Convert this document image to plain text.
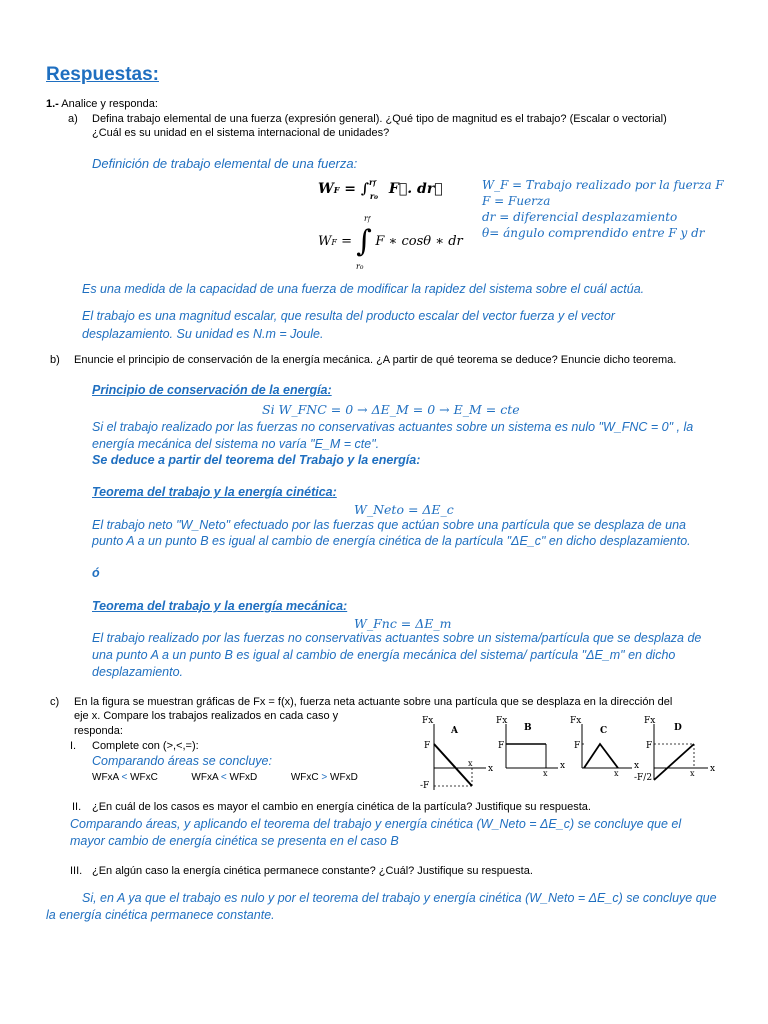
Respuestas:
1.- Analice y responda:
a) Defina trabajo elemental de una fuerza (expresión general). ¿Qué tipo de magnitud es el trabajo? (Escalar o vectorial)
¿Cuál es su unidad en el sistema internacional de unidades?
Definición de trabajo elemental de una fuerza:
WF = ∫$^{rf}_{ro}$ F⃗. dr⃗
WF = ∫ F ∗ cosθ ∗ dr
rf
ro
W_F = Trabajo realizado por la fuerza F
F = Fuerza
dr = diferencial desplazamiento
θ= ángulo comprendido entre F y dr
Es una medida de la capacidad de una fuerza de modificar la rapidez del sistema sobre el cuál actúa.
El trabajo es una magnitud escalar, que resulta del producto escalar del vector fuerza y el vector
desplazamiento. Su unidad es N.m = Joule.
b) Enuncie el principio de conservación de la energía mecánica. ¿A partir de qué teorema se deduce? Enuncie dicho teorema.
Principio de conservación de la energía:
Si W_FNC = 0 → ΔE_M = 0 → E_M = cte
Si el trabajo realizado por las fuerzas no conservativas actuantes sobre un sistema es nulo "W_FNC = 0" , la
energía mecánica del sistema no varía "E_M = cte".
Se deduce a partir del teorema del Trabajo y la energía:
Teorema del trabajo y la energía cinética:
W_Neto = ΔE_c
El trabajo neto "W_Neto" efectuado por las fuerzas que actúan sobre una partícula que se desplaza de una
punto A a un punto B es igual al cambio de energía cinética de la partícula "ΔE_c" en dicho desplazamiento.
ó
Teorema del trabajo y la energía mecánica:
W_Fnc = ΔE_m
El trabajo realizado por las fuerzas no conservativas actuantes sobre un sistema/partícula que se desplaza de
una punto A a un punto B es igual al cambio de energía mecánica del sistema/ partícula "ΔE_m" en dicho
desplazamiento.
c) En la figura se muestran gráficas de Fx = f(x), fuerza neta actuante sobre una partícula que se desplaza en la dirección del
eje x. Compare los trabajos realizados en cada caso y
responda:
I. Complete con (>,<,=):
Comparando áreas se concluye:
WFxA < WFxC	WFxA < WFxD	WFxC > WFxD
Fx
A
x
F
-F
x
Fx
B
x
F
x
Fx
C
x
F
x
Fx
D
x
F
-F/2	x
II. ¿En cuál de los casos es mayor el cambio en energía cinética de la partícula? Justifique su respuesta.
Comparando áreas, y aplicando el teorema del trabajo y energía cinética (W_Neto = ΔE_c) se concluye que el
mayor cambio de energía cinética se presenta en el caso B
III. ¿En algún caso la energía cinética permanece constante? ¿Cuál? Justifique su respuesta.
Si, en A ya que el trabajo es nulo y por el teorema del trabajo y energía cinética (W_Neto = ΔE_c) se concluye que
la energía cinética permanece constante.
